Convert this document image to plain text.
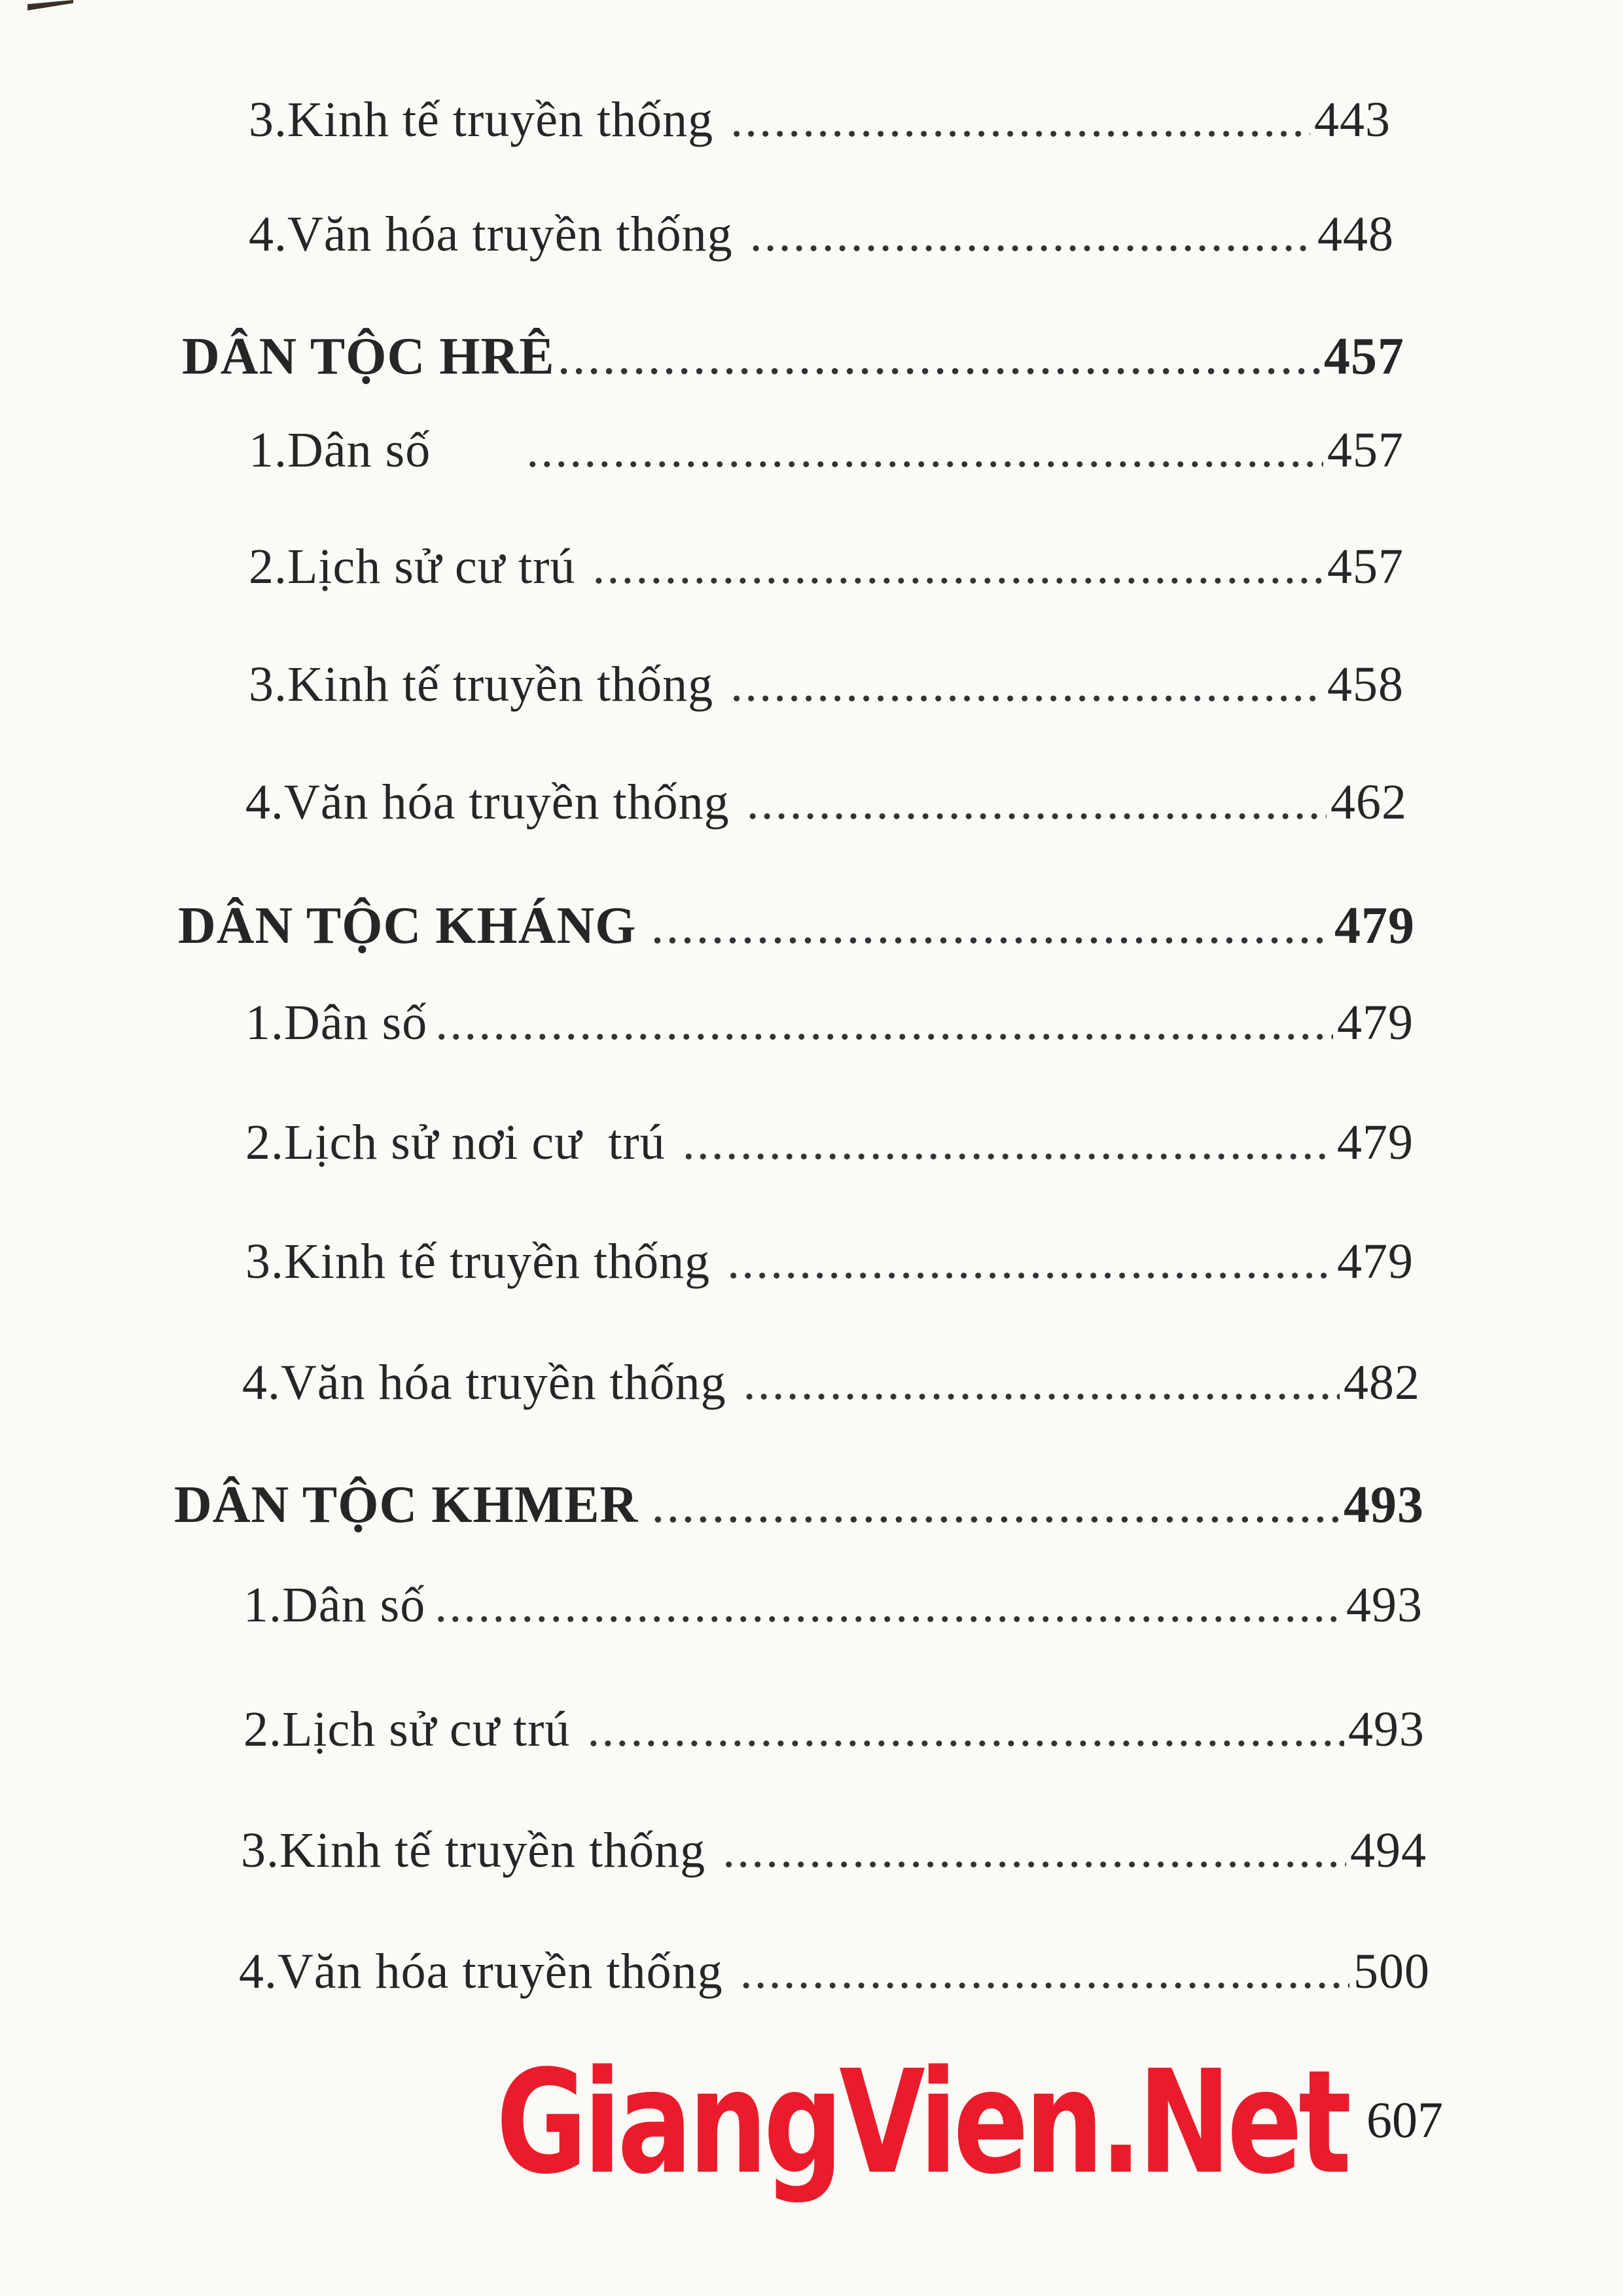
3. Kinh tế truyền thống .....	443
4. Văn hóa truyền thống .....	448
DÂN TỘC HRÊ .....	457
1. Dân số .....	457
2. Lịch sử cư trú .....	457
3. Kinh tế truyền thống .....	458
4. Văn hóa truyền thống .....	462
DÂN TỘC KHÁNG .....	479
1. Dân số .....	479
2. Lịch sử nơi cư  trú .....	479
3. Kinh tế truyền thống .....	479
4. Văn hóa truyền thống .....	482
DÂN TỘC KHMER .....	493
1. Dân số .....	493
2. Lịch sử cư trú .....	493
3. Kinh tế truyền thống .....	494
4. Văn hóa truyền thống .....	500
GiangVien.Net 607
